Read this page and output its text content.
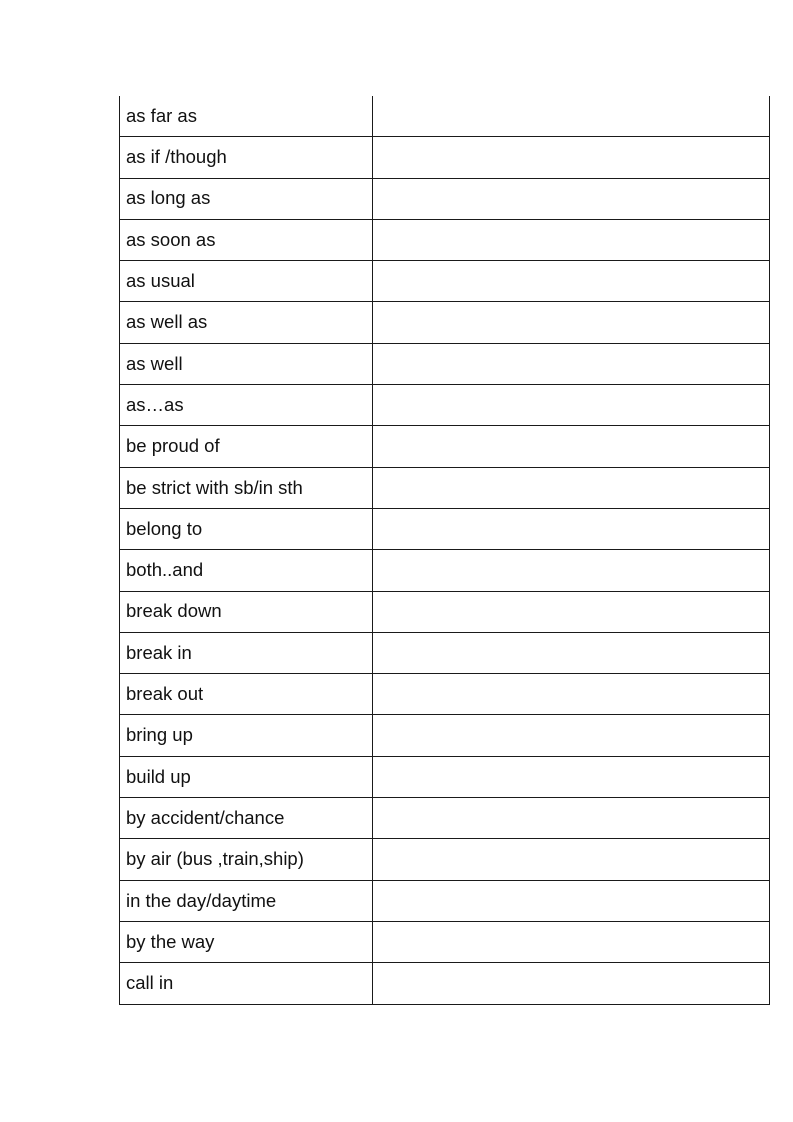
as far as
as if /though
as long as
as soon as
as usual
as well as
as well
as…as
be proud of
be strict with sb/in sth
belong to
both..and
break down
break in
break out
bring up
build up
by accident/chance
by air (bus ,train,ship)
in the day/daytime
by the way
call in
